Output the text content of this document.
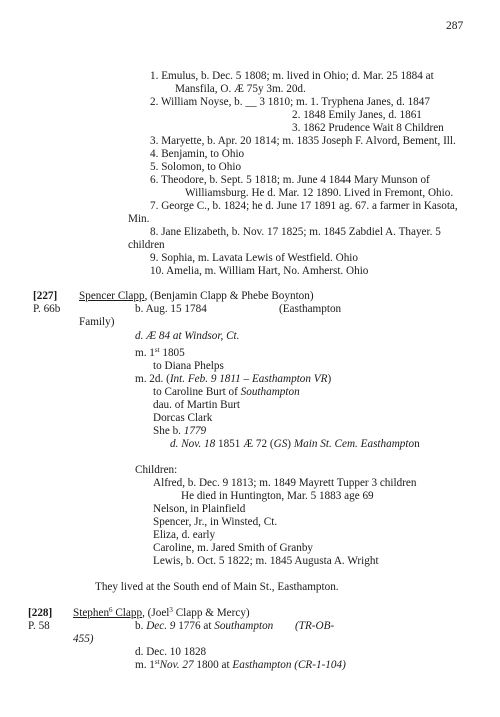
287
1. Emulus, b. Dec. 5 1808; m. lived in Ohio; d. Mar. 25 1884 at
Mansfila, O. Æ 75y 3m. 20d.
2. William Noyse, b. __ 3 1810; m. 1. Tryphena Janes, d. 1847
2. 1848 Emily Janes, d. 1861
3. 1862 Prudence Wait 8 Children
3. Maryette, b. Apr. 20 1814; m. 1835 Joseph F. Alvord, Bement, Ill.
4. Benjamin, to Ohio
5. Solomon, to Ohio
6. Theodore, b. Sept. 5 1818; m. June 4 1844 Mary Munson of
Williamsburg. He d. Mar. 12 1890. Lived in Fremont, Ohio.
7. George C., b. 1824; he d. June 17 1891 ag. 67. a farmer in Kasota,
Min.
8. Jane Elizabeth, b. Nov. 17 1825; m. 1845 Zabdiel A. Thayer. 5
children
9. Sophia, m. Lavata Lewis of Westfield. Ohio
10. Amelia, m. William Hart, No. Amherst. Ohio
[227]
P. 66b
Spencer Clapp, (Benjamin Clapp & Phebe Boynton)
b. Aug. 15 1784	(Easthampton
Family)
d. Æ 84 at Windsor, Ct.
m. 1st 1805
to Diana Phelps
m. 2d. (Int. Feb. 9 1811 – Easthampton VR)
to Caroline Burt of Southampton
dau. of Martin Burt
Dorcas Clark
She b. 1779
d. Nov. 18 1851 Æ 72 (GS) Main St. Cem. Easthampton
Children:
Alfred, b. Dec. 9 1813; m. 1849 Mayrett Tupper 3 children
He died in Huntington, Mar. 5 1883 age 69
Nelson, in Plainfield
Spencer, Jr., in Winsted, Ct.
Eliza, d. early
Caroline, m. Jared Smith of Granby
Lewis, b. Oct. 5 1822; m. 1845 Augusta A. Wright
They lived at the South end of Main St., Easthampton.
[228]
P. 58
Stephen$^6$ Clapp, (Joel$^3$ Clapp & Mercy)
b. Dec. 9 1776 at Southampton (TR-OB-
455)
d. Dec. 10 1828
m. 1stNov. 27 1800 at Easthampton (CR-1-104)
